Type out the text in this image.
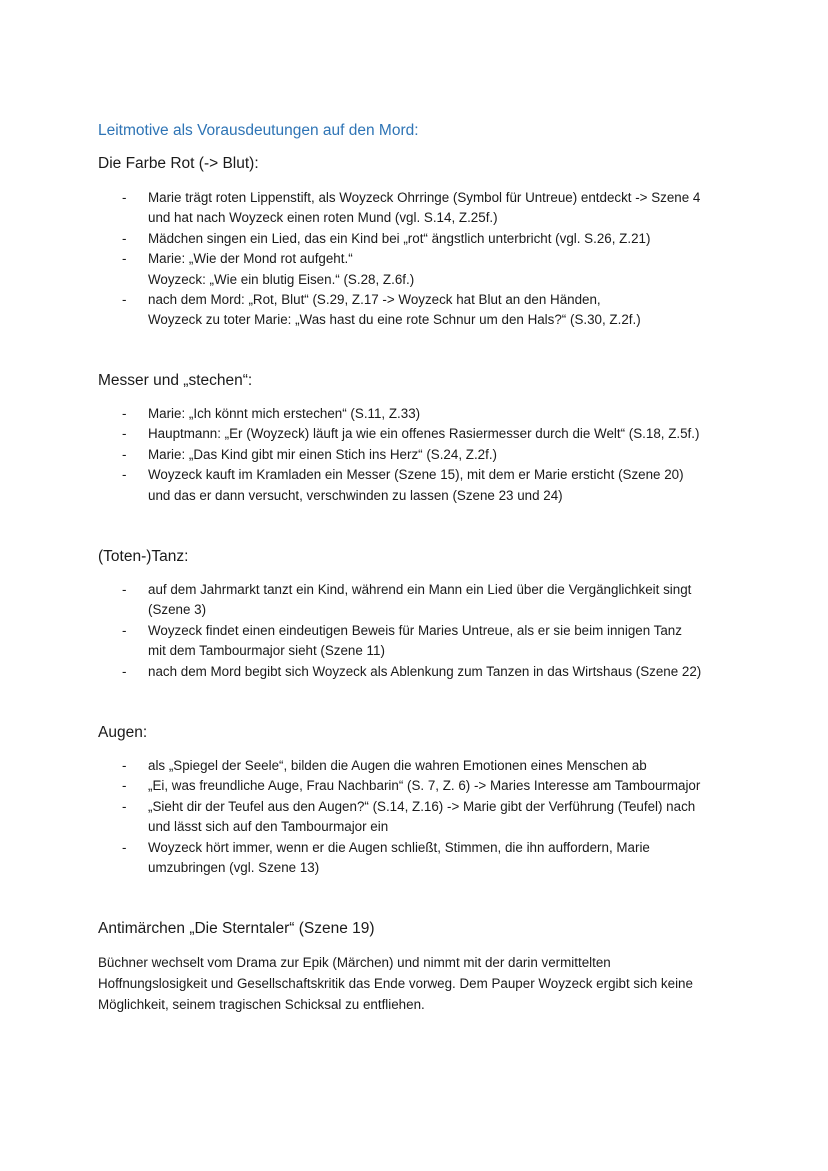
Leitmotive als Vorausdeutungen auf den Mord:
Die Farbe Rot (-> Blut):
- Marie trägt roten Lippenstift, als Woyzeck Ohrringe (Symbol für Untreue) entdeckt -> Szene 4
und hat nach Woyzeck einen roten Mund (vgl. S.14, Z.25f.)
- Mädchen singen ein Lied, das ein Kind bei „rot“ ängstlich unterbricht (vgl. S.26, Z.21)
- Marie: „Wie der Mond rot aufgeht.“
Woyzeck: „Wie ein blutig Eisen.“ (S.28, Z.6f.)
- nach dem Mord: „Rot, Blut“ (S.29, Z.17 -> Woyzeck hat Blut an den Händen,
Woyzeck zu toter Marie: „Was hast du eine rote Schnur um den Hals?“ (S.30, Z.2f.)
Messer und „stechen“:
- Marie: „Ich könnt mich erstechen“ (S.11, Z.33)
- Hauptmann: „Er (Woyzeck) läuft ja wie ein offenes Rasiermesser durch die Welt“ (S.18, Z.5f.)
- Marie: „Das Kind gibt mir einen Stich ins Herz“ (S.24, Z.2f.)
- Woyzeck kauft im Kramladen ein Messer (Szene 15), mit dem er Marie ersticht (Szene 20)
und das er dann versucht, verschwinden zu lassen (Szene 23 und 24)
(Toten-)Tanz:
- auf dem Jahrmarkt tanzt ein Kind, während ein Mann ein Lied über die Vergänglichkeit singt
(Szene 3)
- Woyzeck findet einen eindeutigen Beweis für Maries Untreue, als er sie beim innigen Tanz
mit dem Tambourmajor sieht (Szene 11)
- nach dem Mord begibt sich Woyzeck als Ablenkung zum Tanzen in das Wirtshaus (Szene 22)
Augen:
- als „Spiegel der Seele“, bilden die Augen die wahren Emotionen eines Menschen ab
- „Ei, was freundliche Auge, Frau Nachbarin“ (S. 7, Z. 6) -> Maries Interesse am Tambourmajor
- „Sieht dir der Teufel aus den Augen?“ (S.14, Z.16) -> Marie gibt der Verführung (Teufel) nach
und lässt sich auf den Tambourmajor ein
- Woyzeck hört immer, wenn er die Augen schließt, Stimmen, die ihn auffordern, Marie
umzubringen (vgl. Szene 13)
Antimärchen „Die Sterntaler“ (Szene 19)

Büchner wechselt vom Drama zur Epik (Märchen) und nimmt mit der darin vermittelten
Hoffnungslosigkeit und Gesellschaftskritik das Ende vorweg. Dem Pauper Woyzeck ergibt sich keine
Möglichkeit, seinem tragischen Schicksal zu entfliehen.
